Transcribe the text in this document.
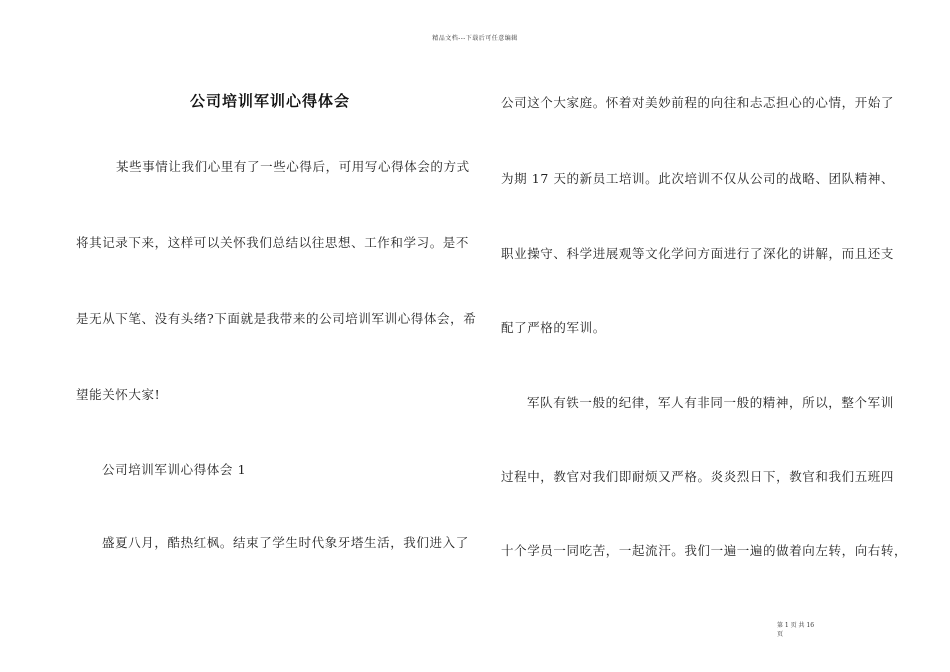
精品文档---下载后可任意编辑
公司培训军训心得体会
某些事情让我们心里有了一些心得后，可用写心得体会的方式
将其记录下来，这样可以关怀我们总结以往思想、工作和学习。是不
是无从下笔、没有头绪?下面就是我带来的公司培训军训心得体会，希
望能关怀大家!
公司培训军训心得体会 1
盛夏八月，酷热红枫。结束了学生时代象牙塔生活，我们进入了
公司这个大家庭。怀着对美妙前程的向往和忐忑担心的心情，开始了
为期 17 天的新员工培训。此次培训不仅从公司的战略、团队精神、
职业操守、科学进展观等文化学问方面进行了深化的讲解，而且还支
配了严格的军训。
军队有铁一般的纪律，军人有非同一般的精神，所以，整个军训
过程中，教官对我们即耐烦又严格。炎炎烈日下，教官和我们五班四
十个学员一同吃苦，一起流汗。我们一遍一遍的做着向左转，向右转，
第 1 页 共 16
页
